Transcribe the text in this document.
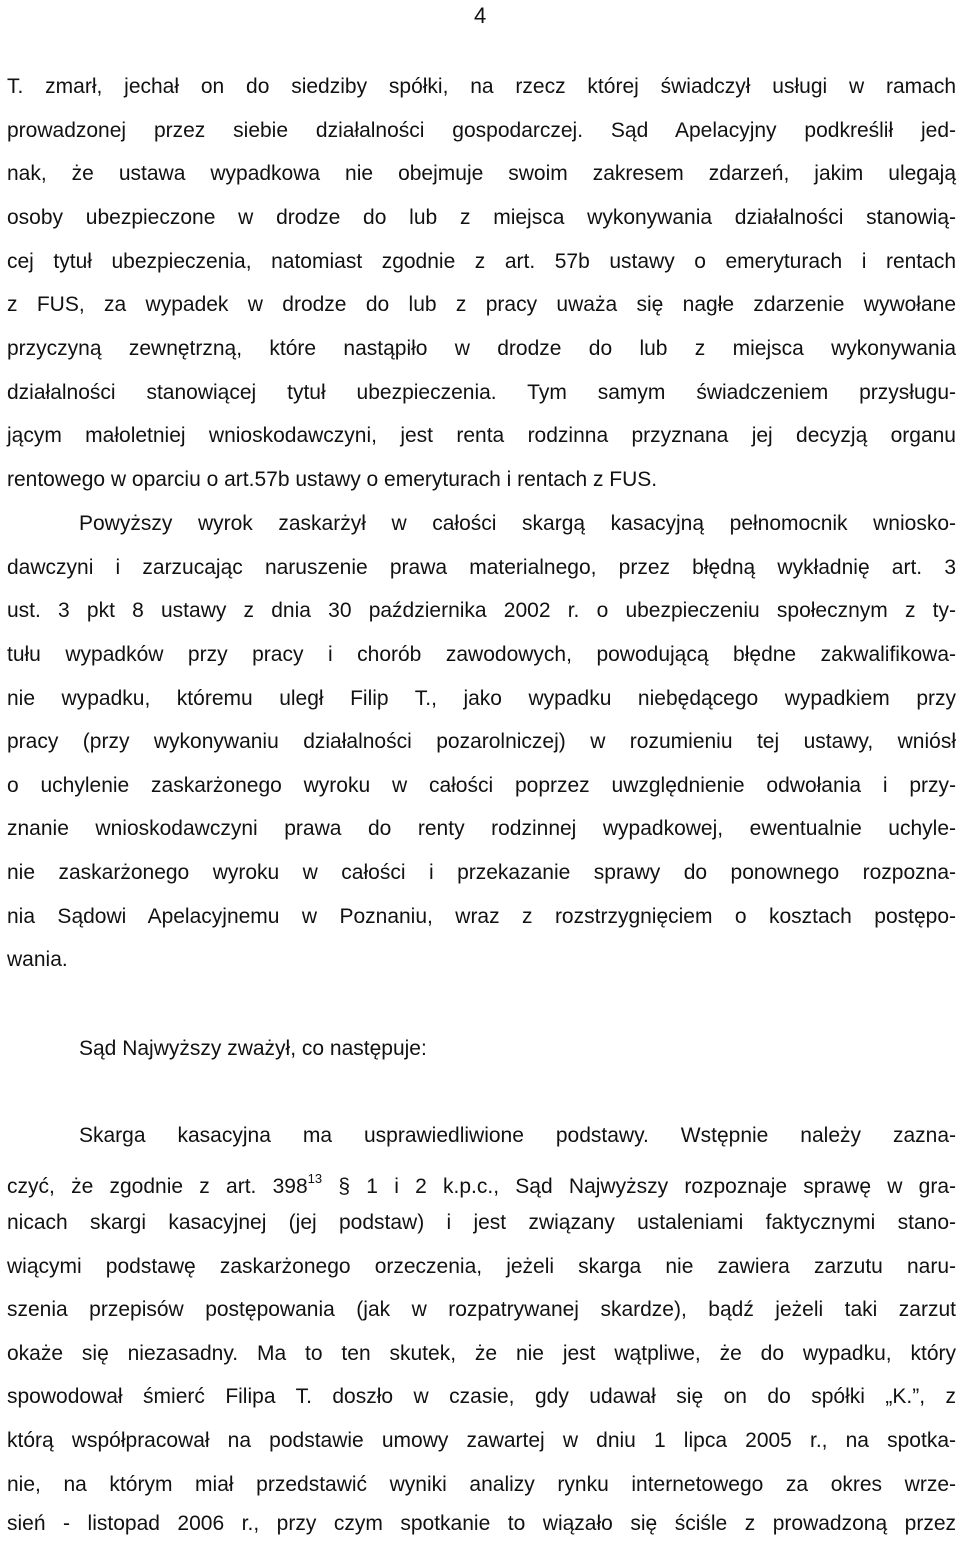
4
T. zmarł, jechał on do siedziby spółki, na rzecz której świadczył usługi w ramach
prowadzonej przez siebie działalności gospodarczej. Sąd Apelacyjny podkreślił jed-
nak, że ustawa wypadkowa nie obejmuje swoim zakresem zdarzeń, jakim ulegają
osoby ubezpieczone w drodze do lub z miejsca wykonywania działalności stanowią-
cej tytuł ubezpieczenia, natomiast zgodnie z art. 57b ustawy o emeryturach i rentach
z FUS, za wypadek w drodze do lub z pracy uważa się nagłe zdarzenie wywołane
przyczyną zewnętrzną, które nastąpiło w drodze do lub z miejsca wykonywania
działalności stanowiącej tytuł ubezpieczenia. Tym samym świadczeniem przysługu-
jącym małoletniej wnioskodawczyni, jest renta rodzinna przyznana jej decyzją organu
rentowego w oparciu o art.57b ustawy o emeryturach i rentach z FUS.
Powyższy wyrok zaskarżył w całości skargą kasacyjną pełnomocnik wniosko-
dawczyni i zarzucając naruszenie prawa materialnego, przez błędną wykładnię art. 3
ust. 3 pkt 8 ustawy z dnia 30 października 2002 r. o ubezpieczeniu społecznym z ty-
tułu wypadków przy pracy i chorób zawodowych, powodującą błędne zakwalifikowa-
nie wypadku, któremu uległ Filip T., jako wypadku niebędącego wypadkiem przy
pracy (przy wykonywaniu działalności pozarolniczej) w rozumieniu tej ustawy, wniósł
o uchylenie zaskarżonego wyroku w całości poprzez uwzględnienie odwołania i przy-
znanie wnioskodawczyni prawa do renty rodzinnej wypadkowej, ewentualnie uchyle-
nie zaskarżonego wyroku w całości i przekazanie sprawy do ponownego rozpozna-
nia Sądowi Apelacyjnemu w Poznaniu, wraz z rozstrzygnięciem o kosztach postępo-
wania.
Sąd Najwyższy zważył, co następuje:
Skarga kasacyjna ma usprawiedliwione podstawy. Wstępnie należy zazna-
czyć, że zgodnie z art. $398^{13}$ § 1 i 2 k.p.c., Sąd Najwyższy rozpoznaje sprawę w gra-
nicach skargi kasacyjnej (jej podstaw) i jest związany ustaleniami faktycznymi stano-
wiącymi podstawę zaskarżonego orzeczenia, jeżeli skarga nie zawiera zarzutu naru-
szenia przepisów postępowania (jak w rozpatrywanej skardze), bądź jeżeli taki zarzut
okaże się niezasadny. Ma to ten skutek, że nie jest wątpliwe, że do wypadku, który
spowodował śmierć Filipa T. doszło w czasie, gdy udawał się on do spółki „K.”, z
którą współpracował na podstawie umowy zawartej w dniu 1 lipca 2005 r., na spotka-
nie, na którym miał przedstawić wyniki analizy rynku internetowego za okres wrze-
sień - listopad 2006 r., przy czym spotkanie to wiązało się ściśle z prowadzoną przez
